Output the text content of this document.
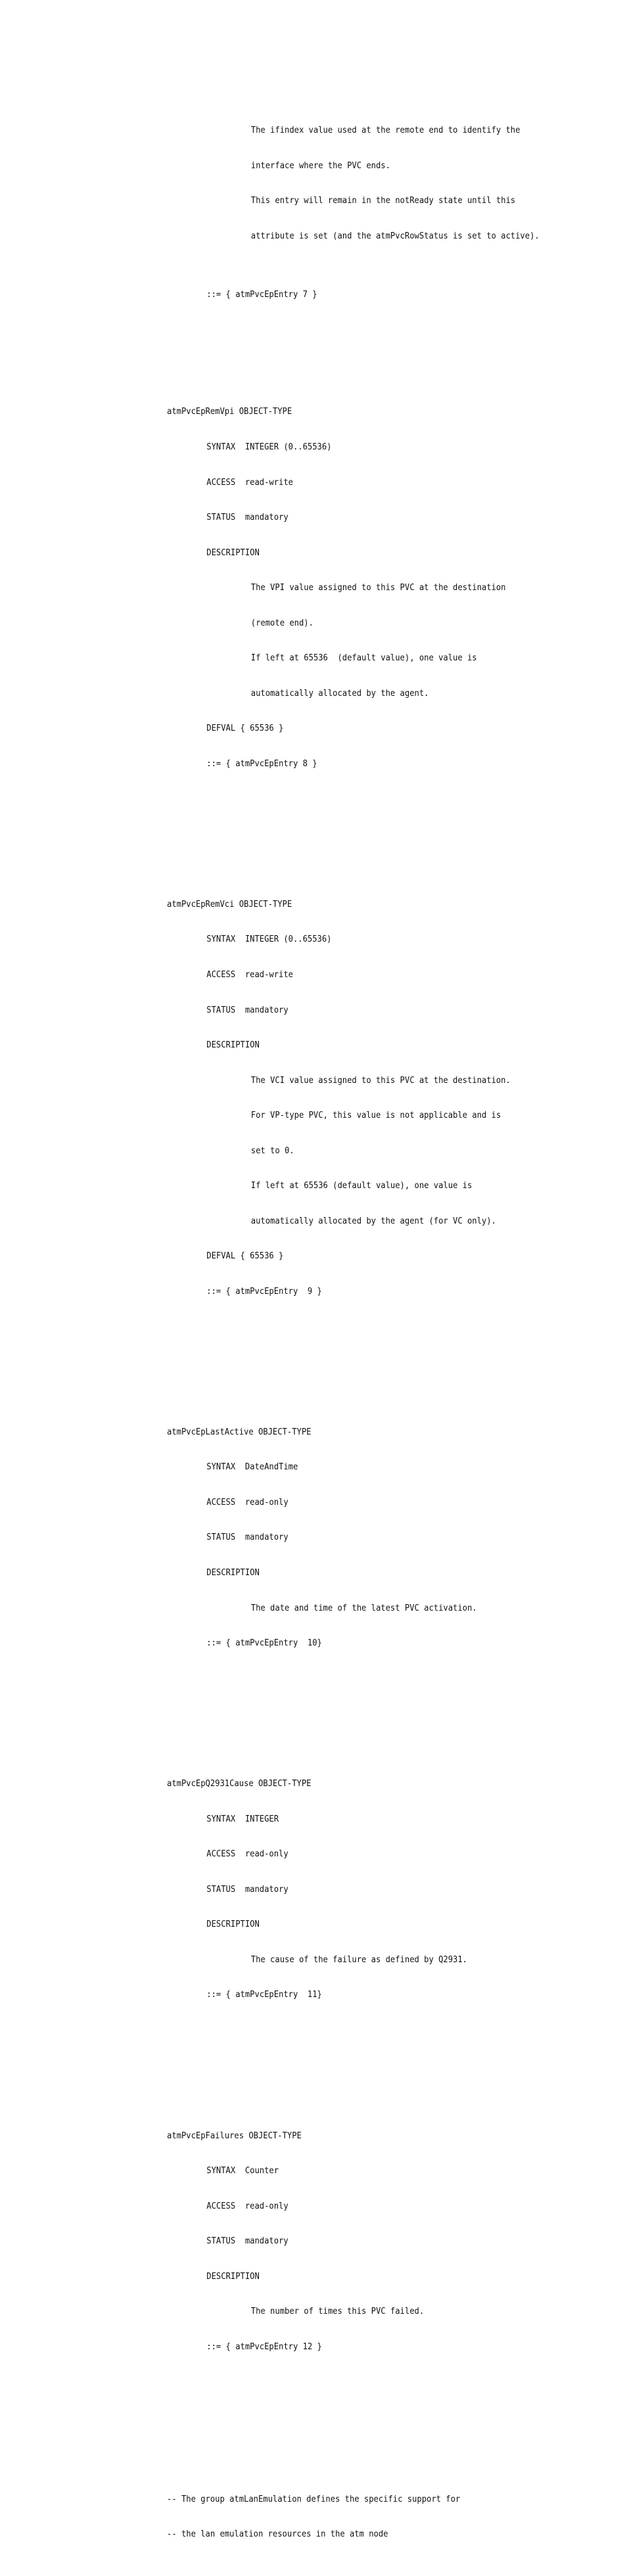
The ifindex value used at the remote end to identify the

interface where the PVC ends.

This entry will remain in the notReady state until this

attribute is set (and the atmPvcRowStatus is set to active).

::= { atmPvcEpEntry 7 }

atmPvcEpRemVpi OBJECT-TYPE

SYNTAX  INTEGER (0..65536)

ACCESS  read-write

STATUS  mandatory

DESCRIPTION

The VPI value assigned to this PVC at the destination

(remote end).

If left at 65536  (default value), one value is

automatically allocated by the agent.

DEFVAL { 65536 }

::= { atmPvcEpEntry 8 }

atmPvcEpRemVci OBJECT-TYPE

SYNTAX  INTEGER (0..65536)

ACCESS  read-write

STATUS  mandatory

DESCRIPTION

The VCI value assigned to this PVC at the destination.

For VP-type PVC, this value is not applicable and is

set to 0.

If left at 65536 (default value), one value is

automatically allocated by the agent (for VC only).

DEFVAL { 65536 }

::= { atmPvcEpEntry  9 }

atmPvcEpLastActive OBJECT-TYPE

SYNTAX  DateAndTime

ACCESS  read-only

STATUS  mandatory

DESCRIPTION

The date and time of the latest PVC activation.

::= { atmPvcEpEntry  10}

atmPvcEpQ2931Cause OBJECT-TYPE

SYNTAX  INTEGER

ACCESS  read-only

STATUS  mandatory

DESCRIPTION

The cause of the failure as defined by Q2931.

::= { atmPvcEpEntry  11}

atmPvcEpFailures OBJECT-TYPE

SYNTAX  Counter

ACCESS  read-only

STATUS  mandatory

DESCRIPTION

The number of times this PVC failed.

::= { atmPvcEpEntry 12 }

-- The group atmLanEmulation defines the specific support for

-- the lan emulation resources in the atm node
